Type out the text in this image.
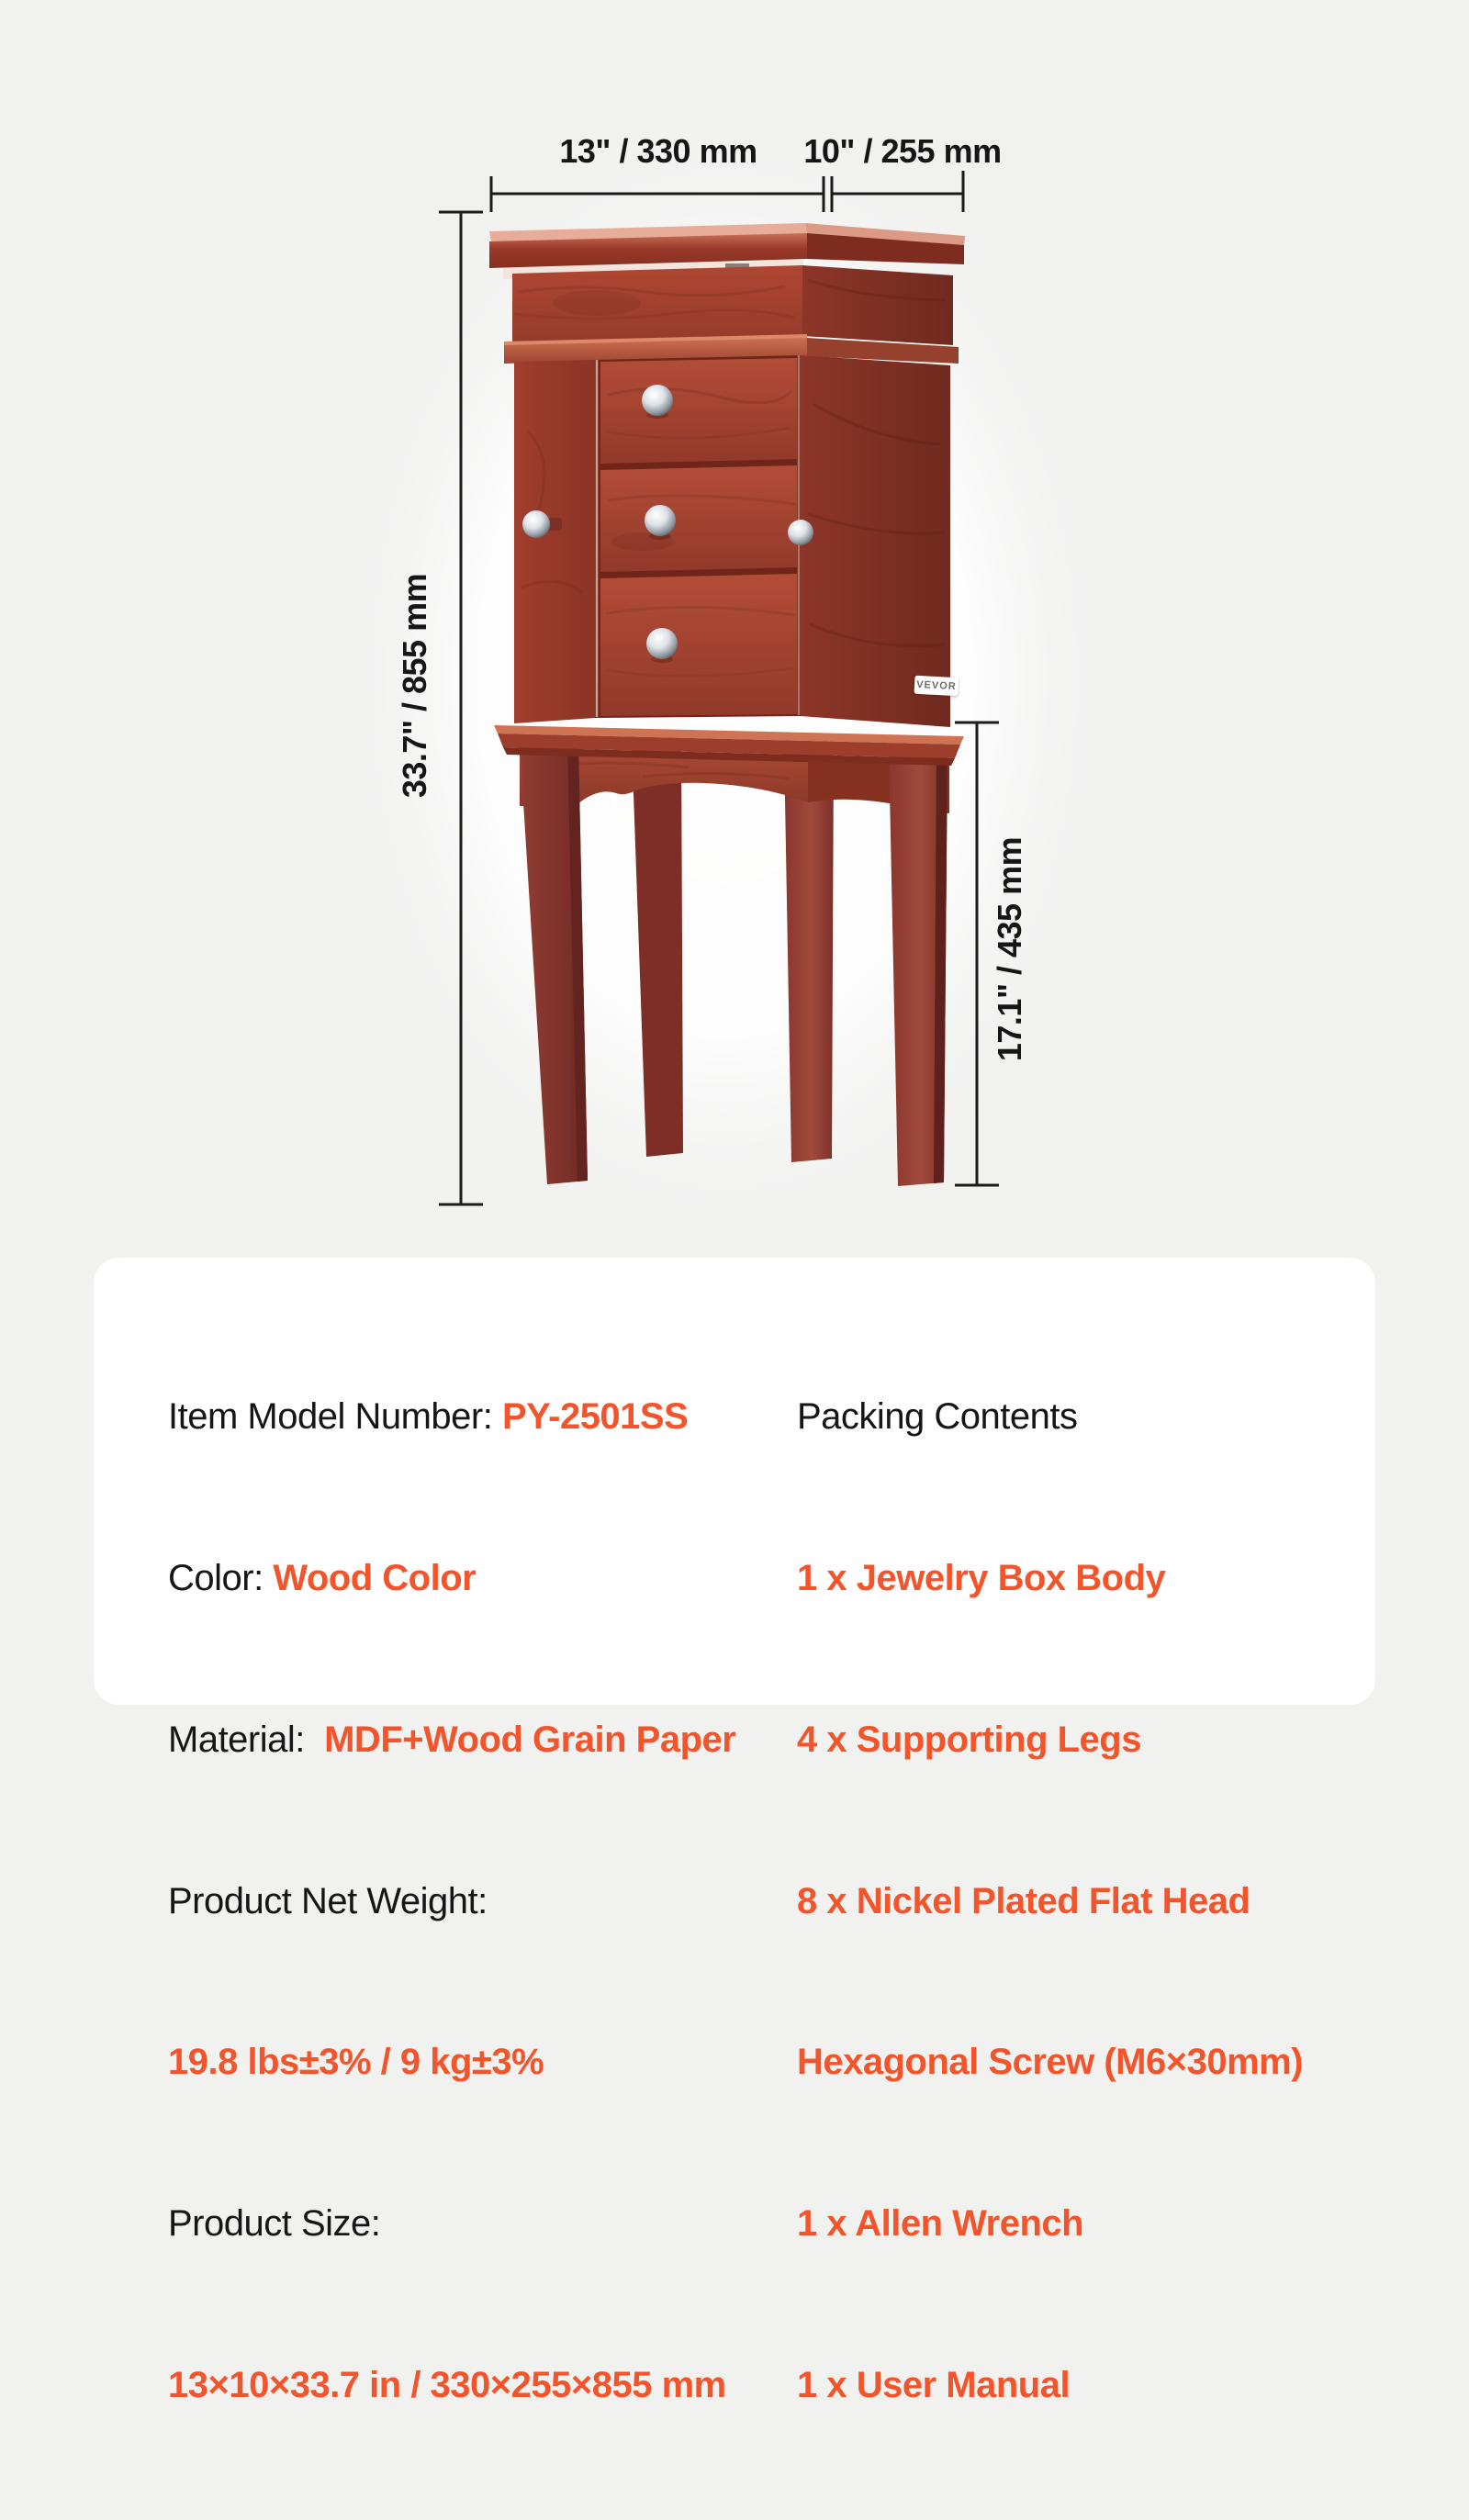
13" / 330 mm	10" / 255 mm
33.7" / 855 mm
17.1" / 435 mm
VEVOR

Item Model Number: PY-2501SS

Color: Wood Color

Material:  MDF+Wood Grain Paper

Product Net Weight:

19.8 lbs±3% / 9 kg±3%

Product Size:

13×10×33.7 in / 330×255×855 mm

Packing Contents

1 x Jewelry Box Body

4 x Supporting Legs

8 x Nickel Plated Flat Head

Hexagonal Screw (M6×30mm)

1 x Allen Wrench

1 x User Manual
